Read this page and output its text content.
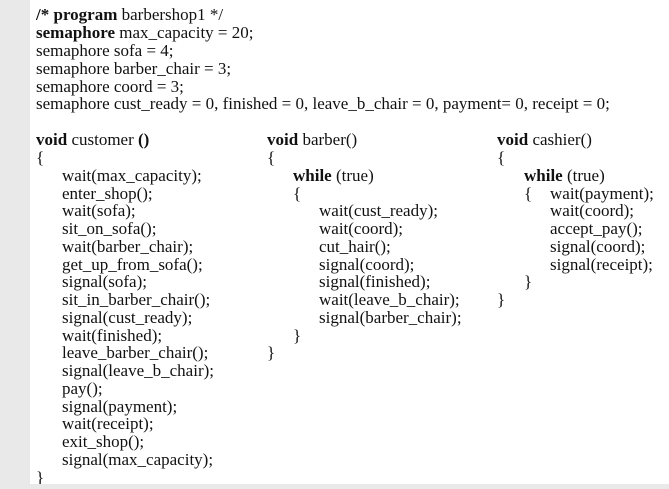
/* program barbershop1 */
semaphore max_capacity = 20;
semaphore sofa = 4;
semaphore barber_chair = 3;
semaphore coord = 3;
semaphore cust_ready = 0, finished = 0, leave_b_chair = 0, payment= 0, receipt = 0;
void customer ()
{
wait(max_capacity);
enter_shop();
wait(sofa);
sit_on_sofa();
wait(barber_chair);
get_up_from_sofa();
signal(sofa);
sit_in_barber_chair();
signal(cust_ready);
wait(finished);
leave_barber_chair();
signal(leave_b_chair);
pay();
signal(payment);
wait(receipt);
exit_shop();
signal(max_capacity);
}
void barber()
{
while (true)
{
wait(cust_ready);
wait(coord);
cut_hair();
signal(coord);
signal(finished);
wait(leave_b_chair);
signal(barber_chair);
}
}
void cashier()
{
while (true)
{ wait(payment);
wait(coord);
accept_pay();
signal(coord);
signal(receipt);
}
}
